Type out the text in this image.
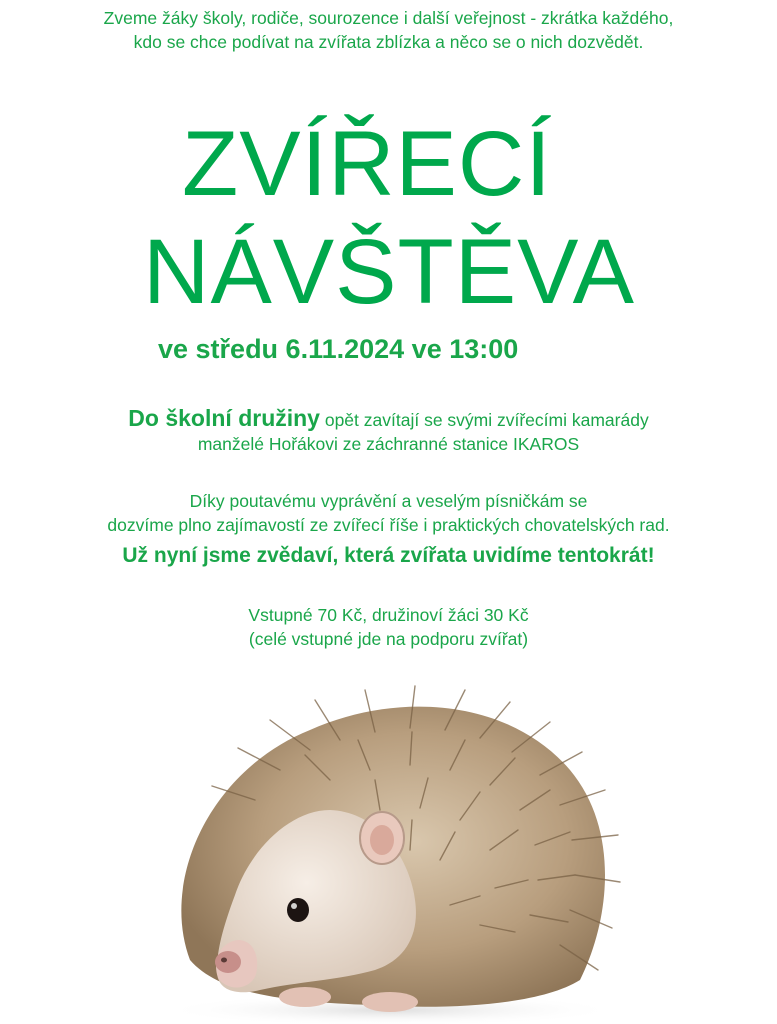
Zveme žáky školy, rodiče, sourozence i další veřejnost - zkrátka každého,
kdo se chce podívat na zvířata zblízka a něco se o nich dozvědět.
ZVÍŘECÍ
NÁVŠTĚVA
ve středu 6.11.2024 ve 13:00
Do školní družiny opět zavítají se svými zvířecími kamarády
manželé Hořákovi ze záchranné stanice IKAROS
Díky poutavému vyprávění a veselým písničkám se
dozvíme plno zajímavostí ze zvířecí říše i praktických chovatelských rad.
Už nyní jsme zvědaví, která zvířata uvidíme tentokrát!
Vstupné 70 Kč, družinoví žáci 30 Kč
(celé vstupné jde na podporu zvířat)
